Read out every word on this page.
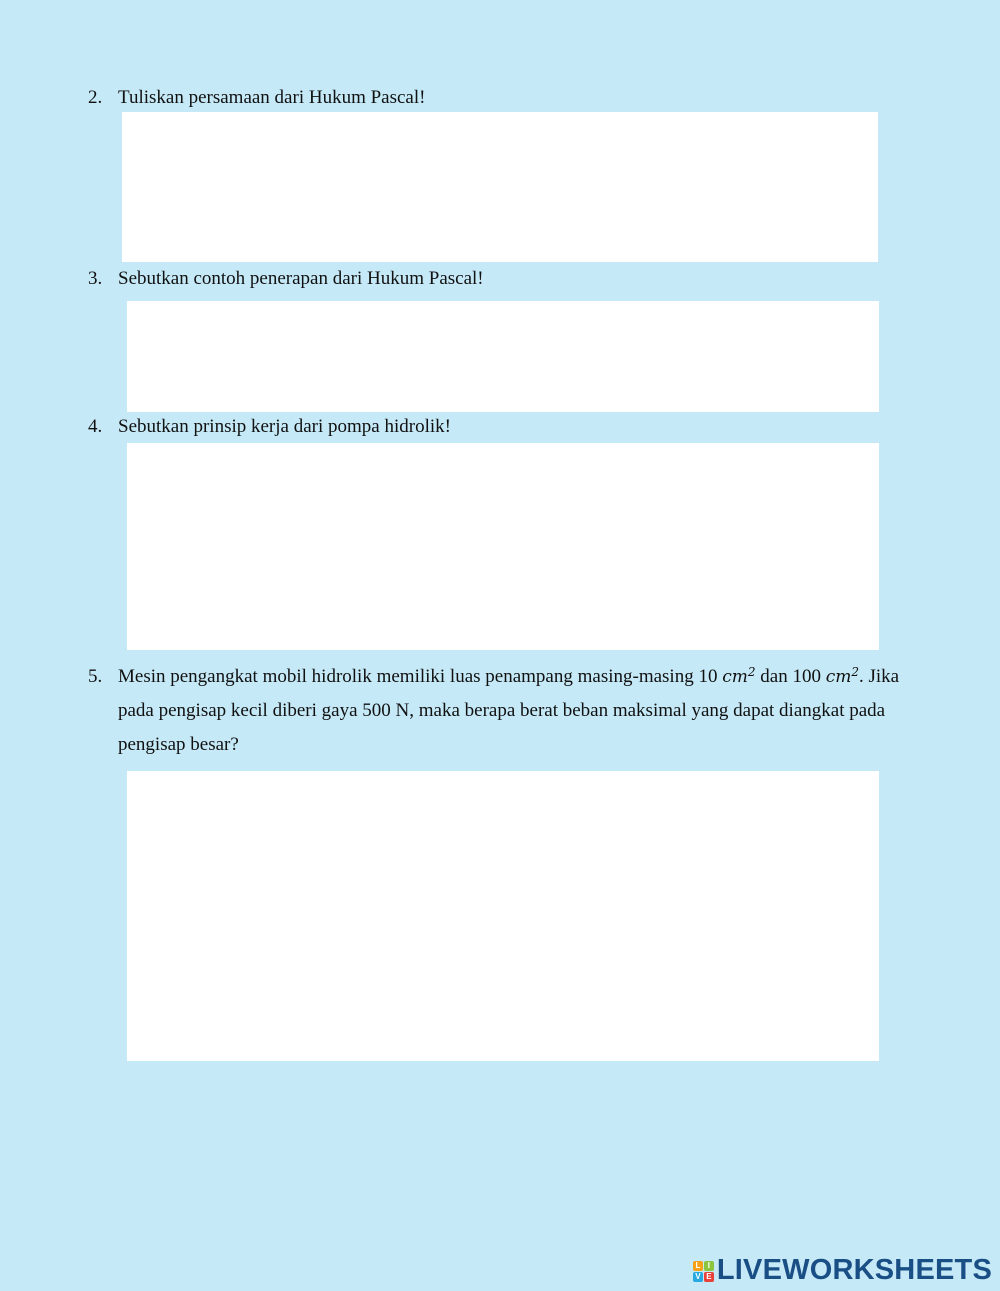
2. Tuliskan persamaan dari Hukum Pascal!

3. Sebutkan contoh penerapan dari Hukum Pascal!

4. Sebutkan prinsip kerja dari pompa hidrolik!

5. Mesin pengangkat mobil hidrolik memiliki luas penampang masing-masing 10 $cm^2$ dan 100 $cm^2$. Jika pada pengisap kecil diberi gaya 500 N, maka berapa berat beban maksimal yang dapat diangkat pada pengisap besar?

L I
V E LIVEWORKSHEETS
